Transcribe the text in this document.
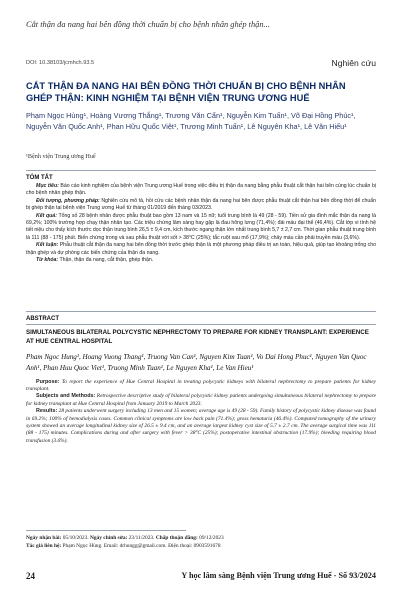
Cắt thận đa nang hai bên đồng thời chuẩn bị cho bệnh nhân ghép thận...
DOI: 10.38103/jcmhch.93.5	Nghiên cứu
CẮT THẬN ĐA NANG HAI BÊN ĐỒNG THỜI CHUẨN BỊ CHO BỆNH NHÂN GHÉP THẬN: KINH NGHIỆM TẠI BỆNH VIỆN TRUNG ƯƠNG HUẾ
Phạm Ngọc Hùng¹, Hoàng Vương Thắng¹, Trương Văn Cẩn¹, Nguyễn Kim Tuấn¹, Võ Đại Hồng Phúc¹, Nguyễn Văn Quốc Anh¹, Phan Hữu Quốc Việt¹, Trương Minh Tuấn¹, Lê Nguyên Kha¹, Lê Văn Hiếu¹
¹Bệnh viện Trung ương Huế
TÓM TẮT

Mục tiêu: Báo cáo kinh nghiệm của bệnh viện Trung ương Huế trong việc điều trị thận đa nang bằng phẫu thuật cắt thận hai bên cùng lúc chuẩn bị cho bệnh nhân ghép thận.

Đối tượng, phương pháp: Nghiên cứu mô tả, hồi cứu các bệnh nhân thận đa nang hai bên được phẫu thuật cắt thận hai bên đồng thời để chuẩn bị ghép thận tại bệnh viện Trung ương Huế từ tháng 01/2019 đến tháng 03/2023.

Kết quả: Tổng số 28 bệnh nhân được phẫu thuật bao gồm 13 nam và 15 nữ; tuổi trung bình là 49 (28 - 59). Tiền sử gia đình mắc thận đa nang là 69,2%; 100% trường hợp chạy thận nhân tạo. Các triệu chứng lâm sàng hay gặp là đau hông lưng (71,4%); đái máu đại thể (46,4%). Cắt lớp vi tính hệ tiết niệu cho thấy kích thước dọc thận trung bình 26,5 ± 9,4 cm, kích thước ngang thận lớn nhất trung bình 5,7 ± 2,7 cm. Thời gian phẫu thuật trung bình là 111 (88 - 175) phút. Biến chứng trong và sau phẫu thuật với sốt > 38°C (25%); tắc ruột sau mổ (17,9%); chảy máu cần phải truyền máu (3,6%).

Kết luận: Phẫu thuật cắt thận đa nang hai bên đồng thời trước ghép thận là một phương pháp điều trị an toàn, hiệu quả, giúp tạo khoảng trống cho thận ghép và dự phòng các biến chứng của thận đa nang.

Từ khóa: Thận, thận đa nang, cắt thận, ghép thận.

ABSTRACT
SIMULTANEOUS BILATERAL POLYCYSTIC NEPHRECTOMY TO PREPARE FOR KIDNEY TRANSPLANT: EXPERIENCE AT HUE CENTRAL HOSPITAL
Pham Ngoc Hung¹, Hoang Vuong Thang¹, Truong Van Can¹, Nguyen Kim Tuan¹, Vo Dai Hong Phuc¹, Nguyen Van Quoc Anh¹, Phan Huu Quoc Viet¹, Truong Minh Tuan¹, Le Nguyen Kha¹, Le Van Hieu¹

Purpose: To report the experience of Hue Central Hospital in treating polycystic kidneys with bilateral nephrectomy to prepare patients for kidney transplant.

Subjects and Methods: Retrospective descriptive study of bilateral polycystic kidney patients undergoing simultaneous bilateral nephrectomy to prepare for kidney transplant at Hue Central Hospital from January 2019 to March 2023.

Results: 28 patients underwent surgery including 13 men and 15 women; average age is 49 (28 - 59). Family history of polycystic kidney disease was found in 69.2%; 100% of hemodialysis cases. Common clinical symptoms are low back pain (71.4%); gross hematuria (46.4%). Computed tomography of the urinary system showed an average longitudinal kidney size of 26.5 ± 9.4 cm, and an average largest kidney cyst size of 5.7 ± 2.7 cm. The average surgical time was 111 (88 - 175) minutes. Complications during and after surgery with fever > 38°C (25%); postoperative intestinal obstruction (17.9%); bleeding requiring blood transfusion (3.6%).

Ngày nhận bài: 05/10/2023. Ngày chỉnh sửa: 23/11/2023. Chấp thuận đăng: 09/12/2023
Tác giả liên hệ: Phạm Ngọc Hùng. Email: drhungg@gmail.com. Điện thoại: 0903591678
24	Y học lâm sàng Bệnh viện Trung ương Huế - Số 93/2024
